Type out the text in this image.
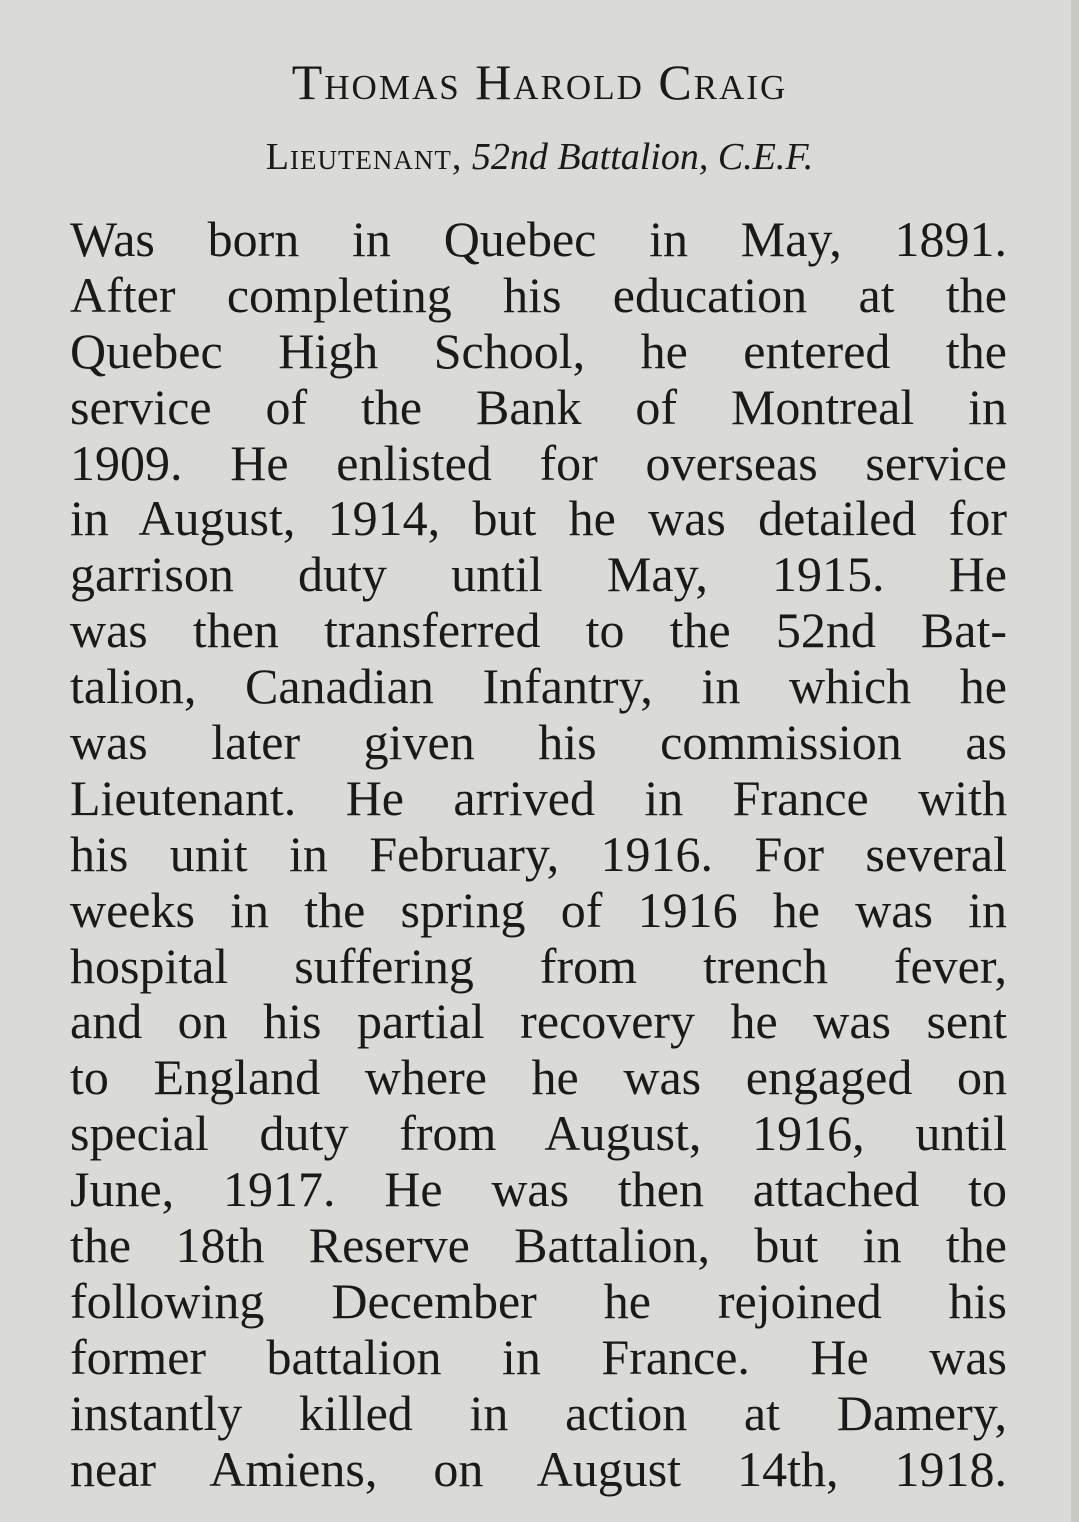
Thomas Harold Craig

Lieutenant, 52nd Battalion, C.E.F.

Was born in Quebec in May, 1891.
After completing his education at the
Quebec High School, he entered the
service of the Bank of Montreal in
1909. He enlisted for overseas service
in August, 1914, but he was detailed for
garrison duty until May, 1915. He
was then transferred to the 52nd Bat-
talion, Canadian Infantry, in which he
was later given his commission as
Lieutenant. He arrived in France with
his unit in February, 1916. For several
weeks in the spring of 1916 he was in
hospital suffering from trench fever,
and on his partial recovery he was sent
to England where he was engaged on
special duty from August, 1916, until
June, 1917. He was then attached to
the 18th Reserve Battalion, but in the
following December he rejoined his
former battalion in France. He was
instantly killed in action at Damery,
near Amiens, on August 14th, 1918.
